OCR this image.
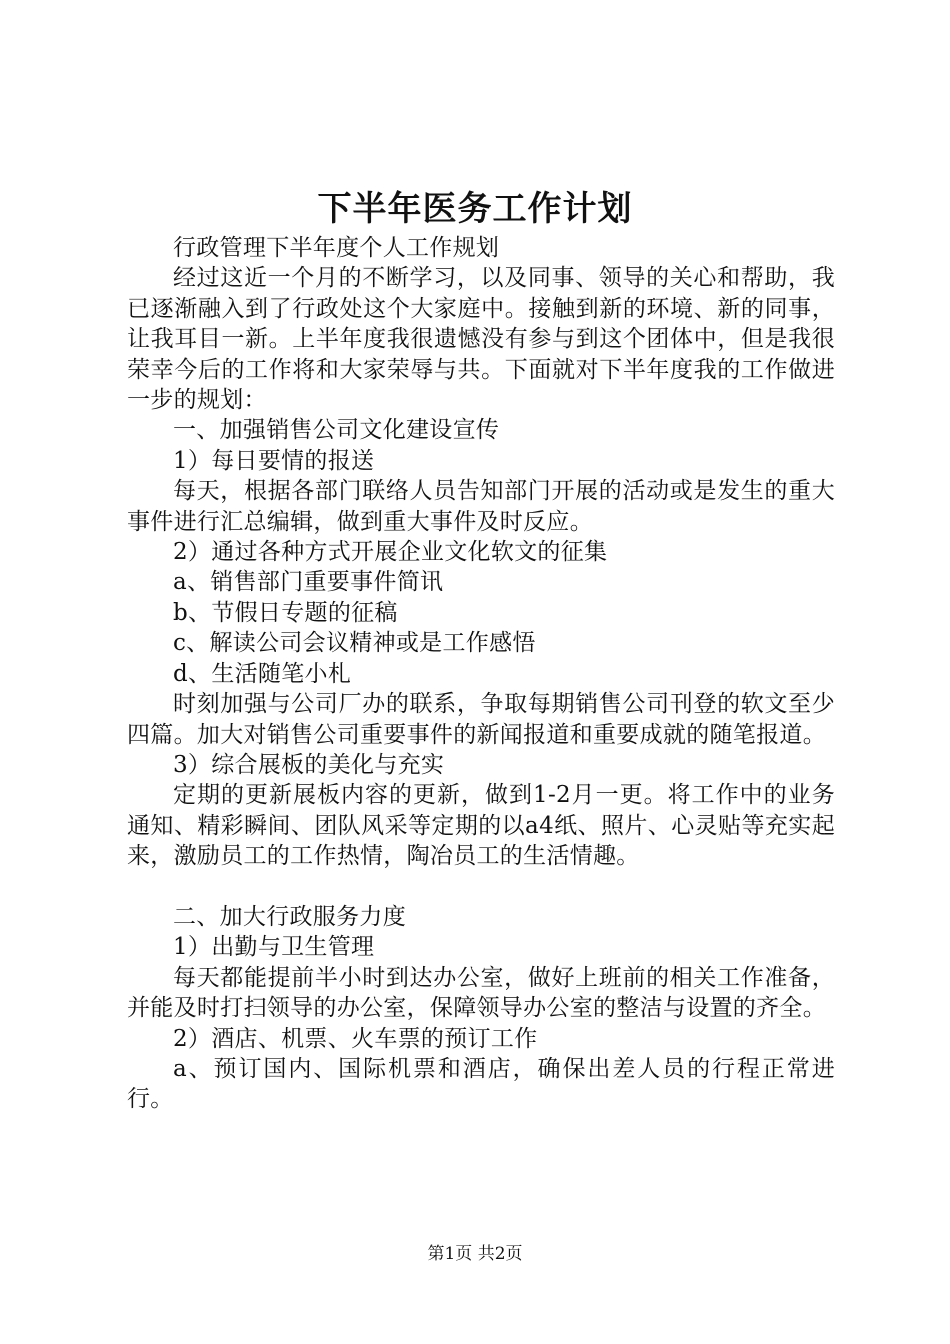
下半年医务工作计划

行政管理下半年度个人工作规划

经过这近一个月的不断学习，以及同事、领导的关心和帮助，我已逐渐融入到了行政处这个大家庭中。接触到新的环境、新的同事，让我耳目一新。上半年度我很遗憾没有参与到这个团体中，但是我很荣幸今后的工作将和大家荣辱与共。下面就对下半年度我的工作做进一步的规划：

一、加强销售公司文化建设宣传

1）每日要情的报送

每天，根据各部门联络人员告知部门开展的活动或是发生的重大事件进行汇总编辑，做到重大事件及时反应。

2）通过各种方式开展企业文化软文的征集

a、销售部门重要事件简讯

b、节假日专题的征稿

c、解读公司会议精神或是工作感悟

d、生活随笔小札

时刻加强与公司厂办的联系，争取每期销售公司刊登的软文至少四篇。加大对销售公司重要事件的新闻报道和重要成就的随笔报道。

3）综合展板的美化与充实

定期的更新展板内容的更新，做到1-2月一更。将工作中的业务通知、精彩瞬间、团队风采等定期的以a4纸、照片、心灵贴等充实起来，激励员工的工作热情，陶冶员工的生活情趣。

二、加大行政服务力度

1）出勤与卫生管理

每天都能提前半小时到达办公室，做好上班前的相关工作准备，并能及时打扫领导的办公室，保障领导办公室的整洁与设置的齐全。

2）酒店、机票、火车票的预订工作

a、预订国内、国际机票和酒店，确保出差人员的行程正常进行。

第1页 共2页
